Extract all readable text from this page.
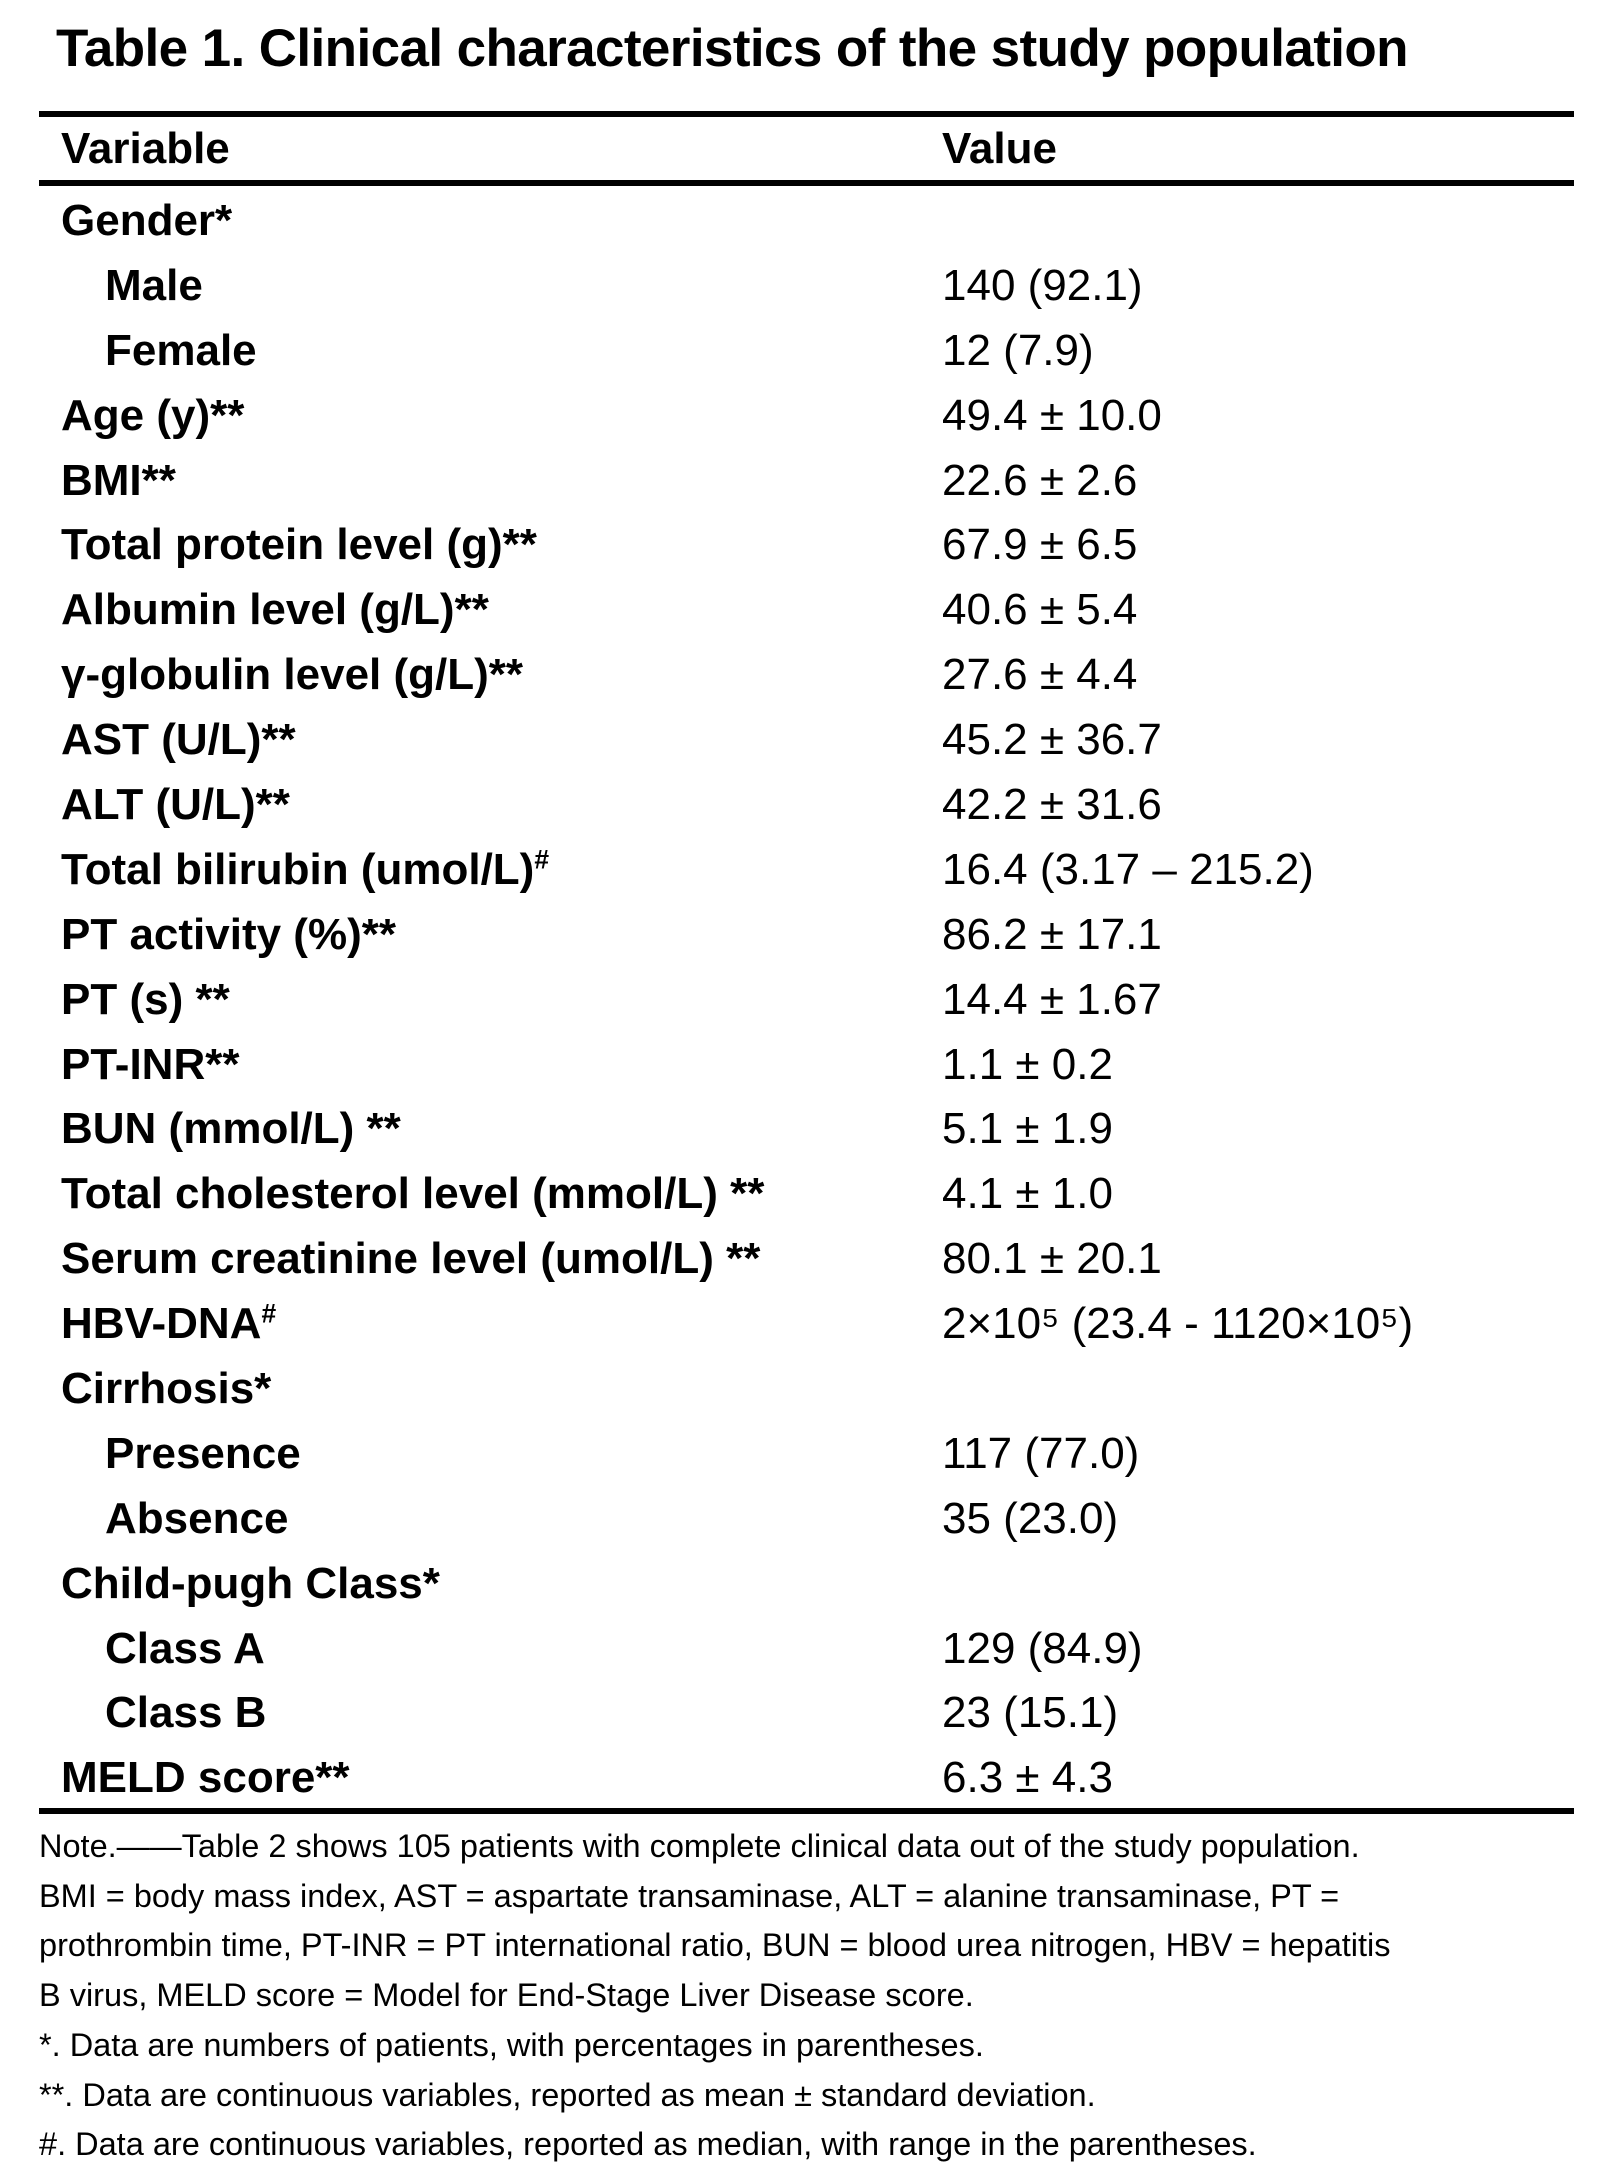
Table 1. Clinical characteristics of the study population
Variable	Value
Gender*
Male	140 (92.1)
Female	12 (7.9)
Age (y)**	49.4 ± 10.0
BMI**	22.6 ± 2.6
Total protein level (g)**	67.9 ± 6.5
Albumin level (g/L)**	40.6 ± 5.4
γ-globulin level (g/L)**	27.6 ± 4.4
AST (U/L)**	45.2 ± 36.7
ALT (U/L)**	42.2 ± 31.6
Total bilirubin (umol/L)#	16.4 (3.17 – 215.2)
PT activity (%)**	86.2 ± 17.1
PT (s) **	14.4 ± 1.67
PT-INR**	1.1 ± 0.2
BUN (mmol/L) **	5.1 ± 1.9
Total cholesterol level (mmol/L) **	4.1 ± 1.0
Serum creatinine level (umol/L) **	80.1 ± 20.1
HBV-DNA#	2×10⁵ (23.4 - 1120×10⁵)
Cirrhosis*
Presence	117 (77.0)
Absence	35 (23.0)
Child-pugh Class*
Class A	129 (84.9)
Class B	23 (15.1)
MELD score**	6.3 ± 4.3
Note.——Table 2 shows 105 patients with complete clinical data out of the study population.
BMI = body mass index, AST = aspartate transaminase, ALT = alanine transaminase, PT =
prothrombin time, PT-INR = PT international ratio, BUN = blood urea nitrogen, HBV = hepatitis
B virus, MELD score = Model for End-Stage Liver Disease score.
*. Data are numbers of patients, with percentages in parentheses.
**. Data are continuous variables, reported as mean ± standard deviation.
#. Data are continuous variables, reported as median, with range in the parentheses.
